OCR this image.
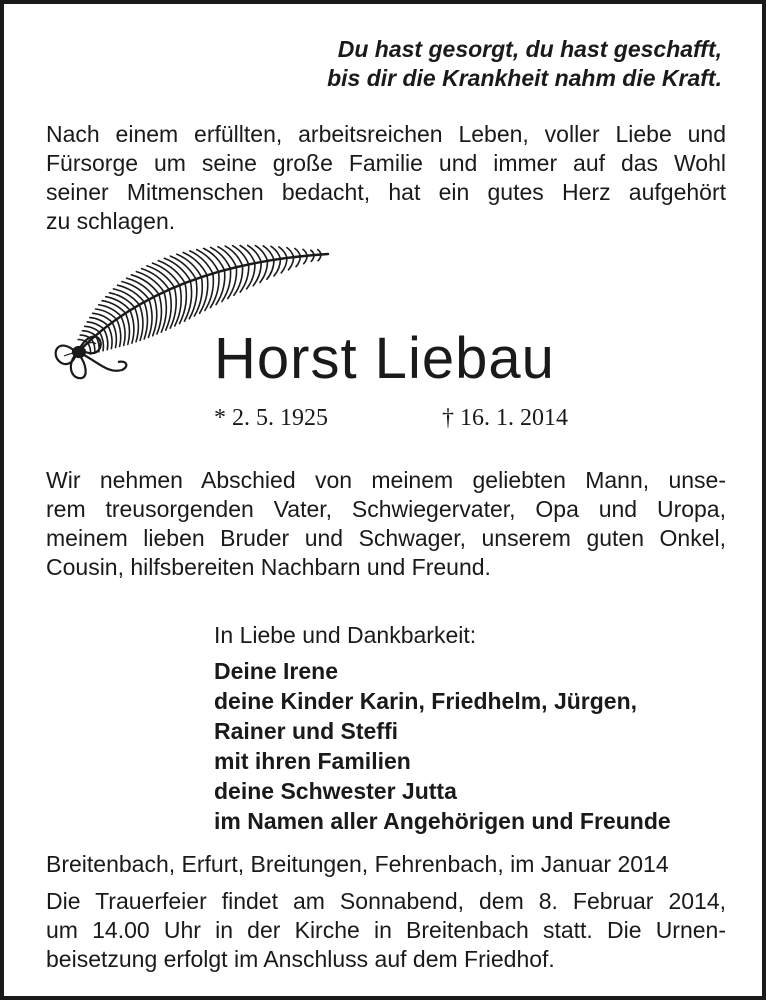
Du hast gesorgt, du hast geschafft,
bis dir die Krankheit nahm die Kraft.
Nach einem erfüllten, arbeitsreichen Leben, voller Liebe und
Fürsorge um seine große Familie und immer auf das Wohl
seiner Mitmenschen bedacht, hat ein gutes Herz aufgehört
zu schlagen.
Horst Liebau
* 2. 5. 1925	† 16. 1. 2014
Wir nehmen Abschied von meinem geliebten Mann, unse-
rem treusorgenden Vater, Schwiegervater, Opa und Uropa,
meinem lieben Bruder und Schwager, unserem guten Onkel,
Cousin, hilfsbereiten Nachbarn und Freund.
In Liebe und Dankbarkeit:
Deine Irene
deine Kinder Karin, Friedhelm, Jürgen,
Rainer und Steffi
mit ihren Familien
deine Schwester Jutta
im Namen aller Angehörigen und Freunde
Breitenbach, Erfurt, Breitungen, Fehrenbach, im Januar 2014
Die Trauerfeier findet am Sonnabend, dem 8. Februar 2014,
um 14.00 Uhr in der Kirche in Breitenbach statt. Die Urnen-
beisetzung erfolgt im Anschluss auf dem Friedhof.
